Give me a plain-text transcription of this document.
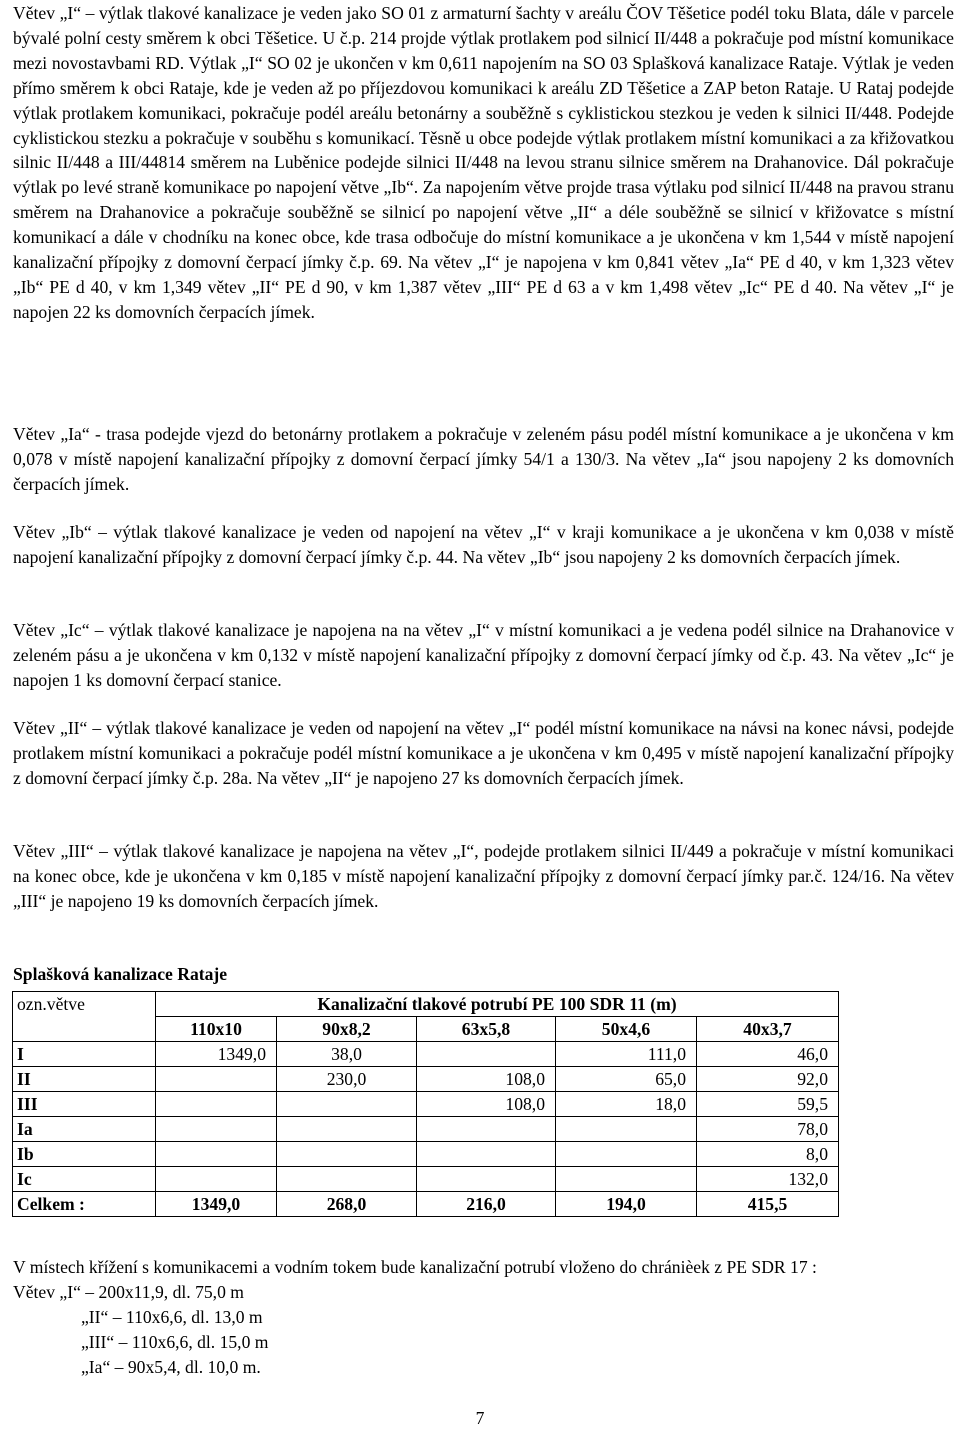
Větev „I“ – výtlak tlakové kanalizace je veden jako SO 01 z armaturní šachty v areálu ČOV Těšetice podél toku Blata, dále v parcele bývalé polní cesty směrem k obci Těšetice. U č.p. 214 projde výtlak protlakem pod silnicí II/448 a pokračuje pod místní komunikace mezi novostavbami RD. Výtlak „I“ SO 02 je ukončen v km 0,611 napojením na SO 03 Splašková kanalizace Rataje. Výtlak je veden přímo směrem k obci Rataje, kde je veden až po příjezdovou komunikaci k areálu ZD Těšetice a ZAP beton Rataje. U Rataj podejde výtlak protlakem komunikaci, pokračuje podél areálu betonárny a souběžně s cyklistickou stezkou je veden k silnici II/448. Podejde cyklistickou stezku a pokračuje v souběhu s komunikací. Těsně u obce podejde výtlak protlakem místní komunikaci a za křižovatkou silnic II/448 a III/44814 směrem na Luběnice podejde silnici II/448 na levou stranu silnice směrem na Drahanovice. Dál pokračuje výtlak po levé straně komunikace po napojení větve „Ib“. Za napojením větve projde trasa výtlaku pod silnicí II/448 na pravou stranu směrem na Drahanovice a pokračuje souběžně se silnicí po napojení větve „II“ a déle souběžně se silnicí v křižovatce s místní komunikací a dále v chodníku na konec obce, kde trasa odbočuje do místní komunikace a je ukončena v km 1,544 v místě napojení kanalizační přípojky z domovní čerpací jímky č.p. 69. Na větev „I“ je napojena v km 0,841 větev „Ia“ PE d 40, v km 1,323 větev „Ib“ PE d 40, v km 1,349 větev „II“ PE d 90, v km 1,387 větev „III“ PE d 63 a v km 1,498 větev „Ic“ PE d 40. Na větev „I“ je napojen 22 ks domovních čerpacích jímek.

Větev „Ia“ - trasa podejde vjezd do betonárny protlakem a pokračuje v zeleném pásu podél místní komunikace a je ukončena v km 0,078 v místě napojení kanalizační přípojky z domovní čerpací jímky 54/1 a 130/3. Na větev „Ia“ jsou napojeny 2 ks domovních čerpacích jímek.

Větev „Ib“ – výtlak tlakové kanalizace je veden od napojení na větev „I“ v kraji komunikace a je ukončena v km 0,038 v místě napojení kanalizační přípojky z domovní čerpací jímky č.p. 44. Na větev „Ib“ jsou napojeny 2 ks domovních čerpacích jímek.

Větev „Ic“ – výtlak tlakové kanalizace je napojena na na větev „I“ v místní komunikaci a je vedena podél silnice na Drahanovice v zeleném pásu a je ukončena v km 0,132 v místě napojení kanalizační přípojky z domovní čerpací jímky od č.p. 43. Na větev „Ic“ je napojen 1 ks domovní čerpací stanice.

Větev „II“ – výtlak tlakové kanalizace je veden od napojení na větev „I“ podél místní komunikace na návsi na konec návsi, podejde protlakem místní komunikaci a pokračuje podél místní komunikace a je ukončena v km 0,495 v místě napojení kanalizační přípojky z domovní čerpací jímky č.p. 28a. Na větev „II“ je napojeno 27 ks domovních čerpacích jímek.

Větev „III“ – výtlak tlakové kanalizace je napojena na větev „I“, podejde protlakem silnici II/449 a pokračuje v místní komunikaci na konec obce, kde je ukončena v km 0,185 v místě napojení kanalizační přípojky z domovní čerpací jímky par.č. 124/16. Na větev „III“ je napojeno 19 ks domovních čerpacích jímek.

Splašková kanalizace Rataje
ozn.větve	Kanalizační tlakové potrubí PE 100 SDR 11 (m)				
	110x10	90x8,2	63x5,8	50x4,6	40x3,7
I	1349,0	38,0		111,0	46,0
II		230,0	108,0	65,0	92,0
III			108,0	18,0	59,5
Ia					78,0
Ib					8,0
Ic					132,0
Celkem :	1349,0	268,0	216,0	194,0	415,5

V místech křížení s komunikacemi a vodním tokem bude kanalizační potrubí vloženo do chránièek z PE SDR 17 :

Větev „I“ – 200x11,9, dl. 75,0 m

„II“ – 110x6,6, dl. 13,0 m

„III“ – 110x6,6, dl. 15,0 m

„Ia“ – 90x5,4, dl. 10,0 m.

7
